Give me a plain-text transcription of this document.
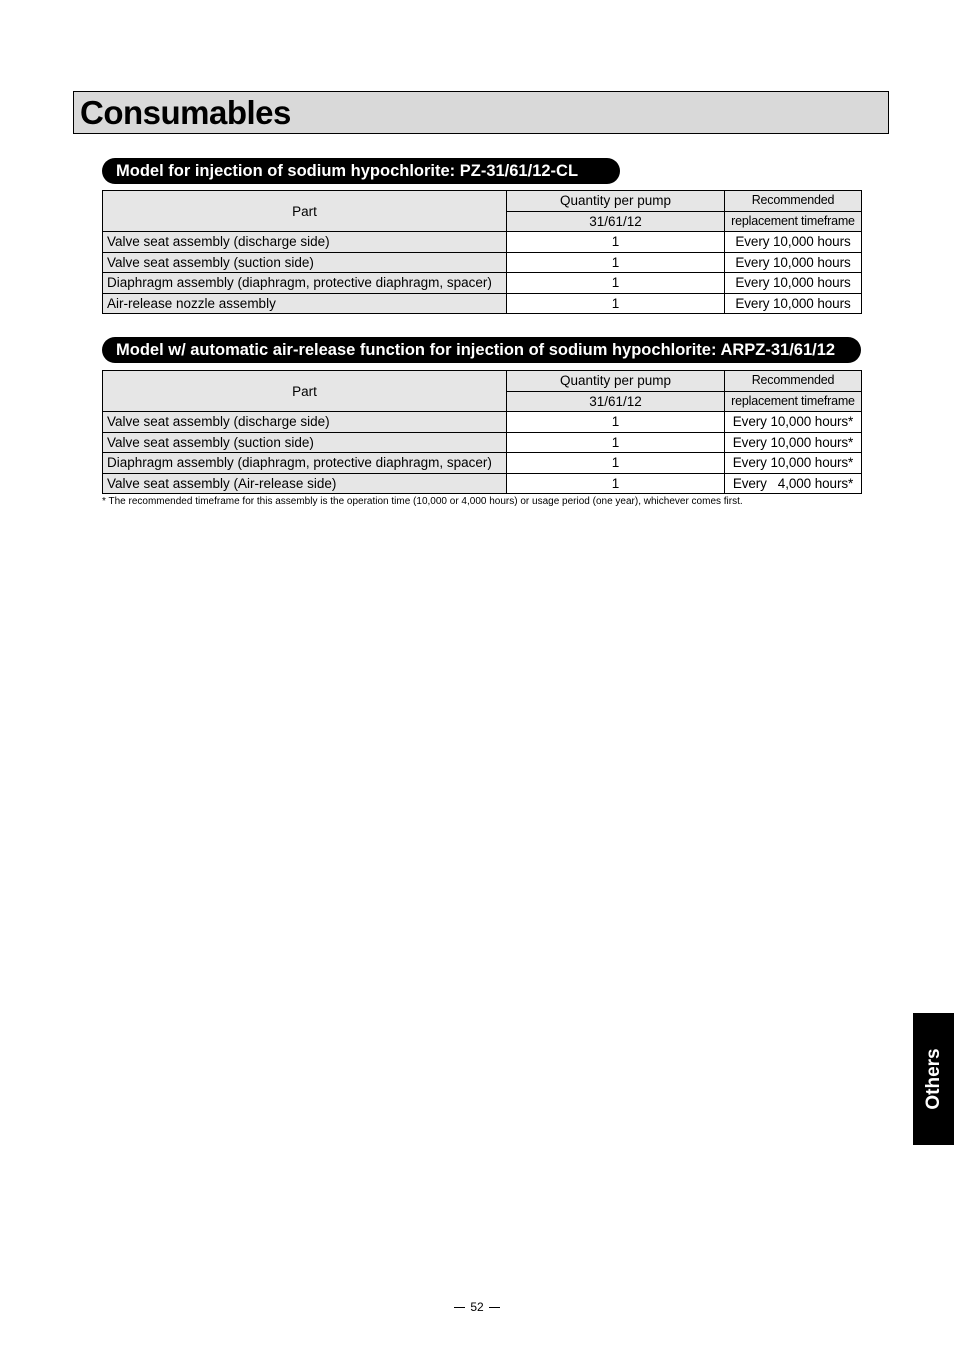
Consumables
Model for injection of sodium hypochlorite: PZ-31/61/12-CL
Part	Quantity per pump	Recommended
	31/61/12	replacement timeframe
Valve seat assembly (discharge side)	1	Every 10,000 hours
Valve seat assembly (suction side)	1	Every 10,000 hours
Diaphragm assembly (diaphragm, protective diaphragm, spacer)	1	Every 10,000 hours
Air-release nozzle assembly	1	Every 10,000 hours
Model w/ automatic air-release function for injection of sodium hypochlorite: ARPZ-31/61/12
Part	Quantity per pump	Recommended
	31/61/12	replacement timeframe
Valve seat assembly (discharge side)	1	Every 10,000 hours*
Valve seat assembly (suction side)	1	Every 10,000 hours*
Diaphragm assembly (diaphragm, protective diaphragm, spacer)	1	Every 10,000 hours*
Valve seat assembly (Air-release side)	1	Every   4,000 hours*
* The recommended timeframe for this assembly is the operation time (10,000 or 4,000 hours) or usage period (one year), whichever comes first.
Others
52
